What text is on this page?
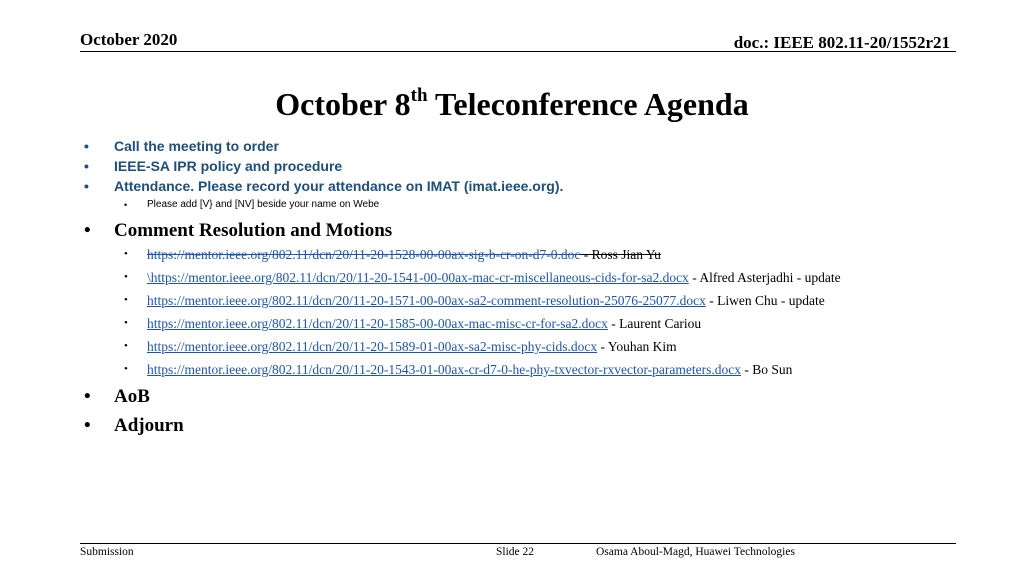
October 2020	doc.: IEEE 802.11-20/1552r21
October 8th Teleconference Agenda
• Call the meeting to order
• IEEE-SA IPR policy and procedure
• Attendance. Please record your attendance on IMAT (imat.ieee.org).
• Please add [V} and [NV] beside your name on Webe
• Comment Resolution and Motions
• https://mentor.ieee.org/802.11/dcn/20/11-20-1528-00-00ax-sig-b-cr-on-d7-0.doc - Ross Jian Yu
• \https://mentor.ieee.org/802.11/dcn/20/11-20-1541-00-00ax-mac-cr-miscellaneous-cids-for-sa2.docx - Alfred Asterjadhi - update
• https://mentor.ieee.org/802.11/dcn/20/11-20-1571-00-00ax-sa2-comment-resolution-25076-25077.docx - Liwen Chu - update
• https://mentor.ieee.org/802.11/dcn/20/11-20-1585-00-00ax-mac-misc-cr-for-sa2.docx - Laurent Cariou
• https://mentor.ieee.org/802.11/dcn/20/11-20-1589-01-00ax-sa2-misc-phy-cids.docx - Youhan Kim
• https://mentor.ieee.org/802.11/dcn/20/11-20-1543-01-00ax-cr-d7-0-he-phy-txvector-rxvector-parameters.docx - Bo Sun
• AoB
• Adjourn
Submission	Slide 22	Osama Aboul-Magd, Huawei Technologies
